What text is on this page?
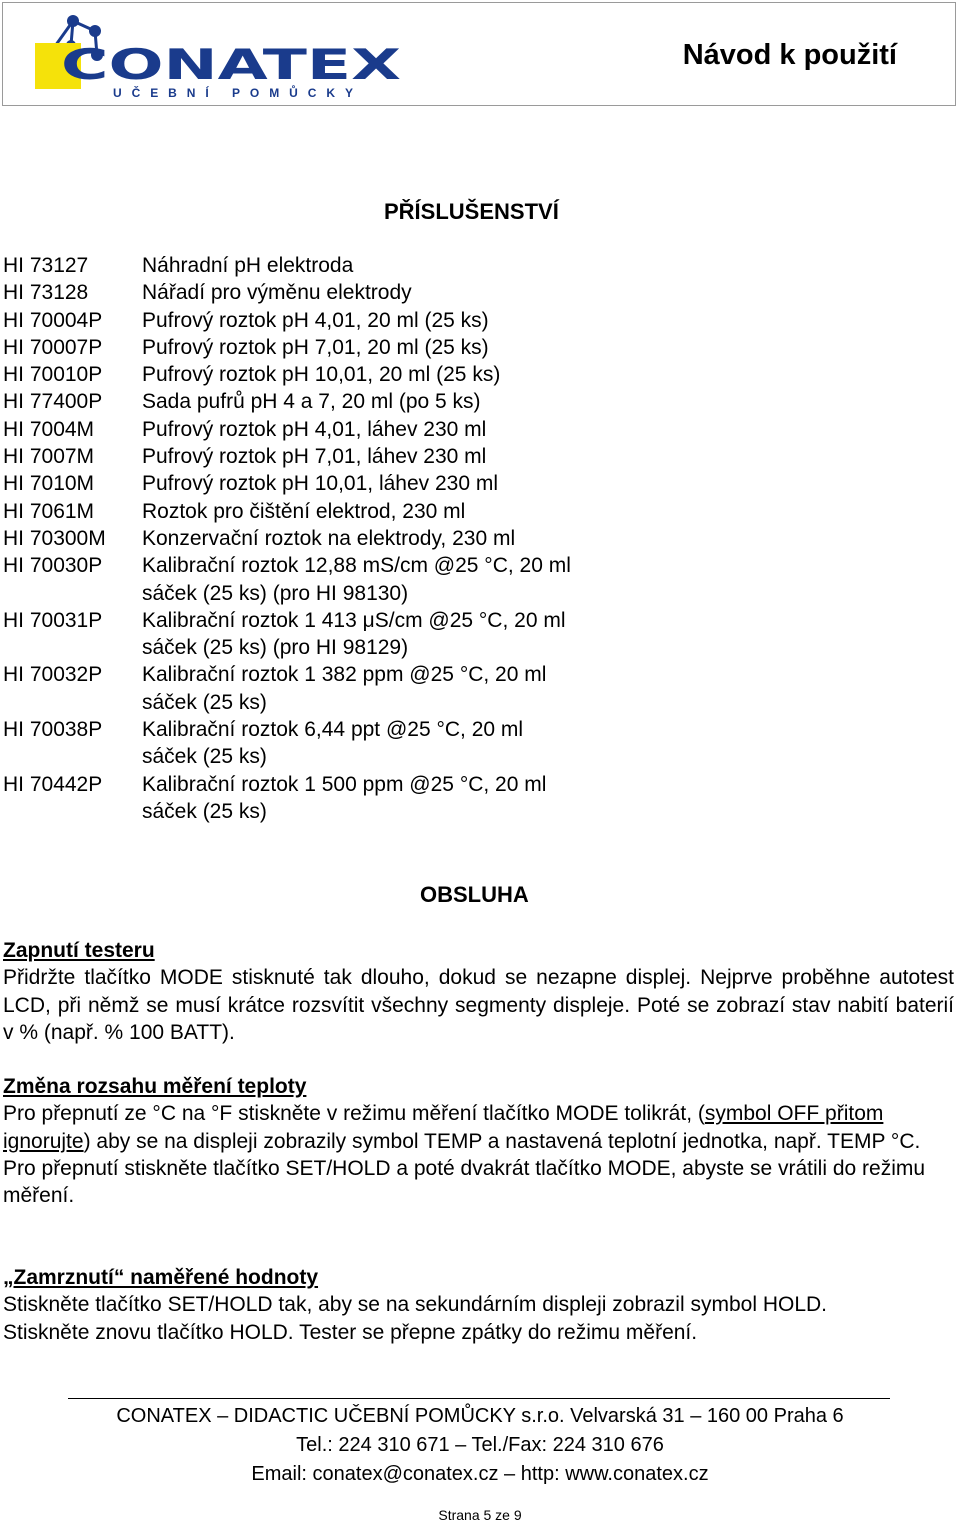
CONATEX
UČEBNÍ POMŮCKY
Návod k použití
PŘÍSLUŠENSTVÍ
HI 73127	Náhradní pH elektroda
HI 73128	Nářadí pro výměnu elektrody
HI 70004P	Pufrový roztok pH 4,01, 20 ml (25 ks)
HI 70007P	Pufrový roztok pH 7,01, 20 ml (25 ks)
HI 70010P	Pufrový roztok pH 10,01, 20 ml (25 ks)
HI 77400P	Sada pufrů pH 4 a 7, 20 ml (po 5 ks)
HI 7004M	Pufrový roztok pH 4,01, láhev 230 ml
HI 7007M	Pufrový roztok pH 7,01, láhev 230 ml
HI 7010M	Pufrový roztok pH 10,01, láhev 230 ml
HI 7061M	Roztok pro čištění elektrod, 230 ml
HI 70300M	Konzervační roztok na elektrody, 230 ml
HI 70030P	Kalibrační roztok 12,88 mS/cm @25 °C, 20 ml
sáček (25 ks) (pro HI 98130)
HI 70031P	Kalibrační roztok 1 413 μS/cm @25 °C, 20 ml
sáček (25 ks) (pro HI 98129)
HI 70032P	Kalibrační roztok 1 382 ppm @25 °C, 20 ml
sáček (25 ks)
HI 70038P	Kalibrační roztok 6,44 ppt @25 °C, 20 ml
sáček (25 ks)
HI 70442P	Kalibrační roztok 1 500 ppm @25 °C, 20 ml
sáček (25 ks)
OBSLUHA

Zapnutí testeru

Přidržte tlačítko MODE stisknuté tak dlouho, dokud se nezapne displej. Nejprve proběhne autotest LCD, při němž se musí krátce rozsvítit všechny segmenty displeje. Poté se zobrazí stav nabití baterií v % (např. % 100 BATT).

Změna rozsahu měření teploty

Pro přepnutí ze °C na °F stiskněte v režimu měření tlačítko MODE tolikrát, (symbol OFF přitom ignorujte) aby se na displeji zobrazily symbol TEMP a nastavená teplotní jednotka, např. TEMP °C.

Pro přepnutí stiskněte tlačítko SET/HOLD a poté dvakrát tlačítko MODE, abyste se vrátili do režimu měření.

„Zamrznutí“ naměřené hodnoty

Stiskněte tlačítko SET/HOLD tak, aby se na sekundárním displeji zobrazil symbol HOLD.

Stiskněte znovu tlačítko HOLD. Tester se přepne zpátky do režimu měření.

CONATEX – DIDACTIC UČEBNÍ POMŮCKY s.r.o. Velvarská 31 – 160 00 Praha 6
Tel.: 224 310 671 – Tel./Fax: 224 310 676
Email: conatex@conatex.cz – http: www.conatex.cz
Strana 5 ze 9
